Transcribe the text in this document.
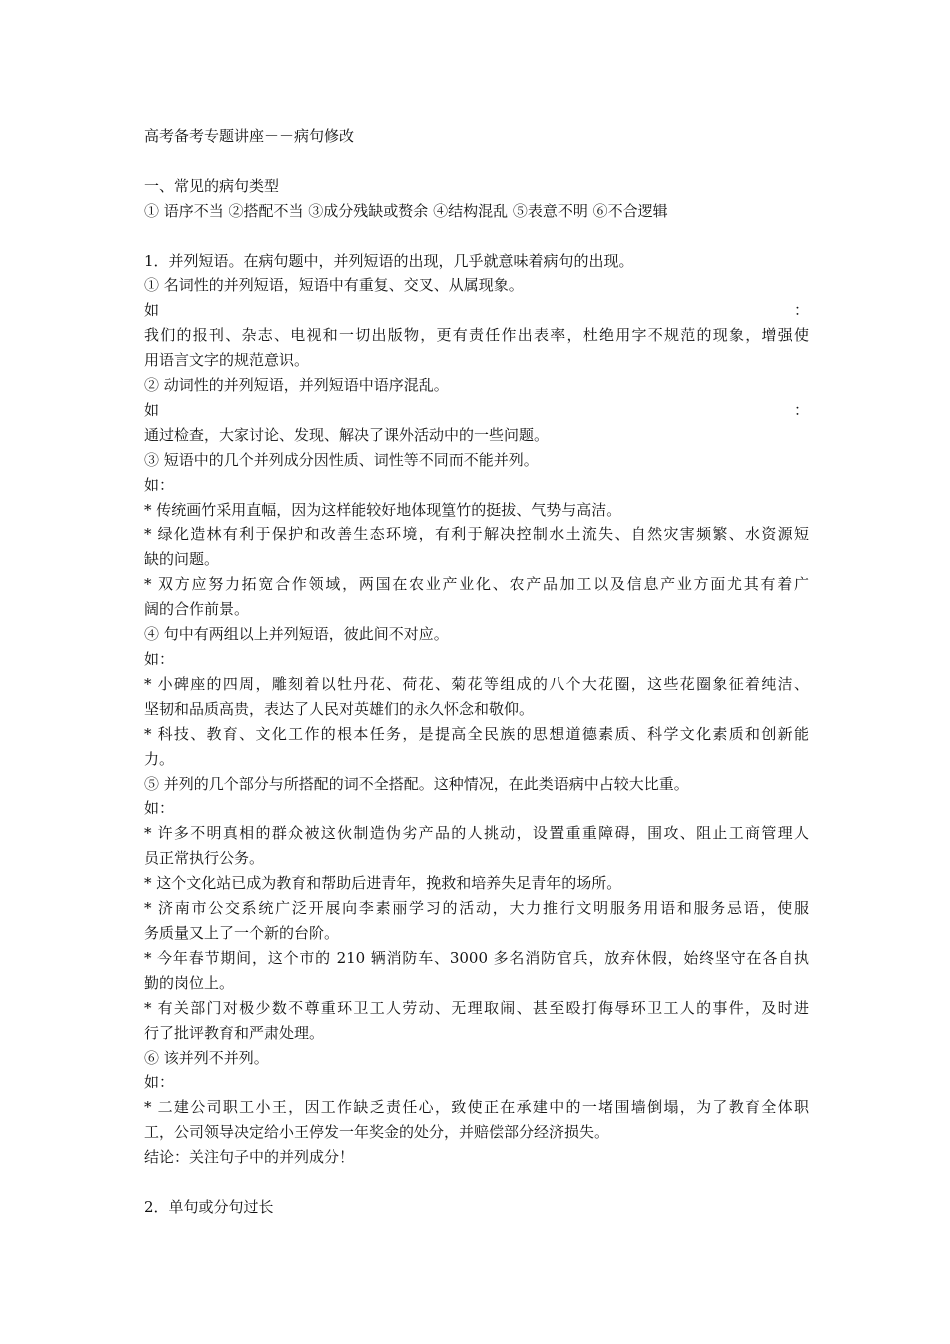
高考备考专题讲座－－病句修改
一、常见的病句类型
① 语序不当 ②搭配不当 ③成分残缺或赘余 ④结构混乱 ⑤表意不明 ⑥不合逻辑
1．并列短语。在病句题中，并列短语的出现，几乎就意味着病句的出现。
① 名词性的并列短语，短语中有重复、交叉、从属现象。
如：
我们的报刊、杂志、电视和一切出版物，更有责任作出表率，杜绝用字不规范的现象，增强使
用语言文字的规范意识。
② 动词性的并列短语，并列短语中语序混乱。
如：
通过检查，大家讨论、发现、解决了课外活动中的一些问题。
③ 短语中的几个并列成分因性质、词性等不同而不能并列。
如：
* 传统画竹采用直幅，因为这样能较好地体现篁竹的挺拔、气势与高洁。
* 绿化造林有利于保护和改善生态环境，有利于解决控制水土流失、自然灾害频繁、水资源短
缺的问题。
* 双方应努力拓宽合作领域，两国在农业产业化、农产品加工以及信息产业方面尤其有着广
阔的合作前景。
④ 句中有两组以上并列短语，彼此间不对应。
如：
* 小碑座的四周，雕刻着以牡丹花、荷花、菊花等组成的八个大花圈，这些花圈象征着纯洁、
坚韧和品质高贵，表达了人民对英雄们的永久怀念和敬仰。
* 科技、教育、文化工作的根本任务，是提高全民族的思想道德素质、科学文化素质和创新能
力。
⑤ 并列的几个部分与所搭配的词不全搭配。这种情况，在此类语病中占较大比重。
如：
* 许多不明真相的群众被这伙制造伪劣产品的人挑动，设置重重障碍，围攻、阻止工商管理人
员正常执行公务。
* 这个文化站已成为教育和帮助后进青年，挽救和培养失足青年的场所。
* 济南市公交系统广泛开展向李素丽学习的活动，大力推行文明服务用语和服务忌语，使服
务质量又上了一个新的台阶。
* 今年春节期间，这个市的 210 辆消防车、3000 多名消防官兵，放弃休假，始终坚守在各自执
勤的岗位上。
* 有关部门对极少数不尊重环卫工人劳动、无理取闹、甚至殴打侮辱环卫工人的事件，及时进
行了批评教育和严肃处理。
⑥ 该并列不并列。
如：
* 二建公司职工小王，因工作缺乏责任心，致使正在承建中的一堵围墙倒塌，为了教育全体职
工，公司领导决定给小王停发一年奖金的处分，并赔偿部分经济损失。
结论：关注句子中的并列成分！
2．单句或分句过长
